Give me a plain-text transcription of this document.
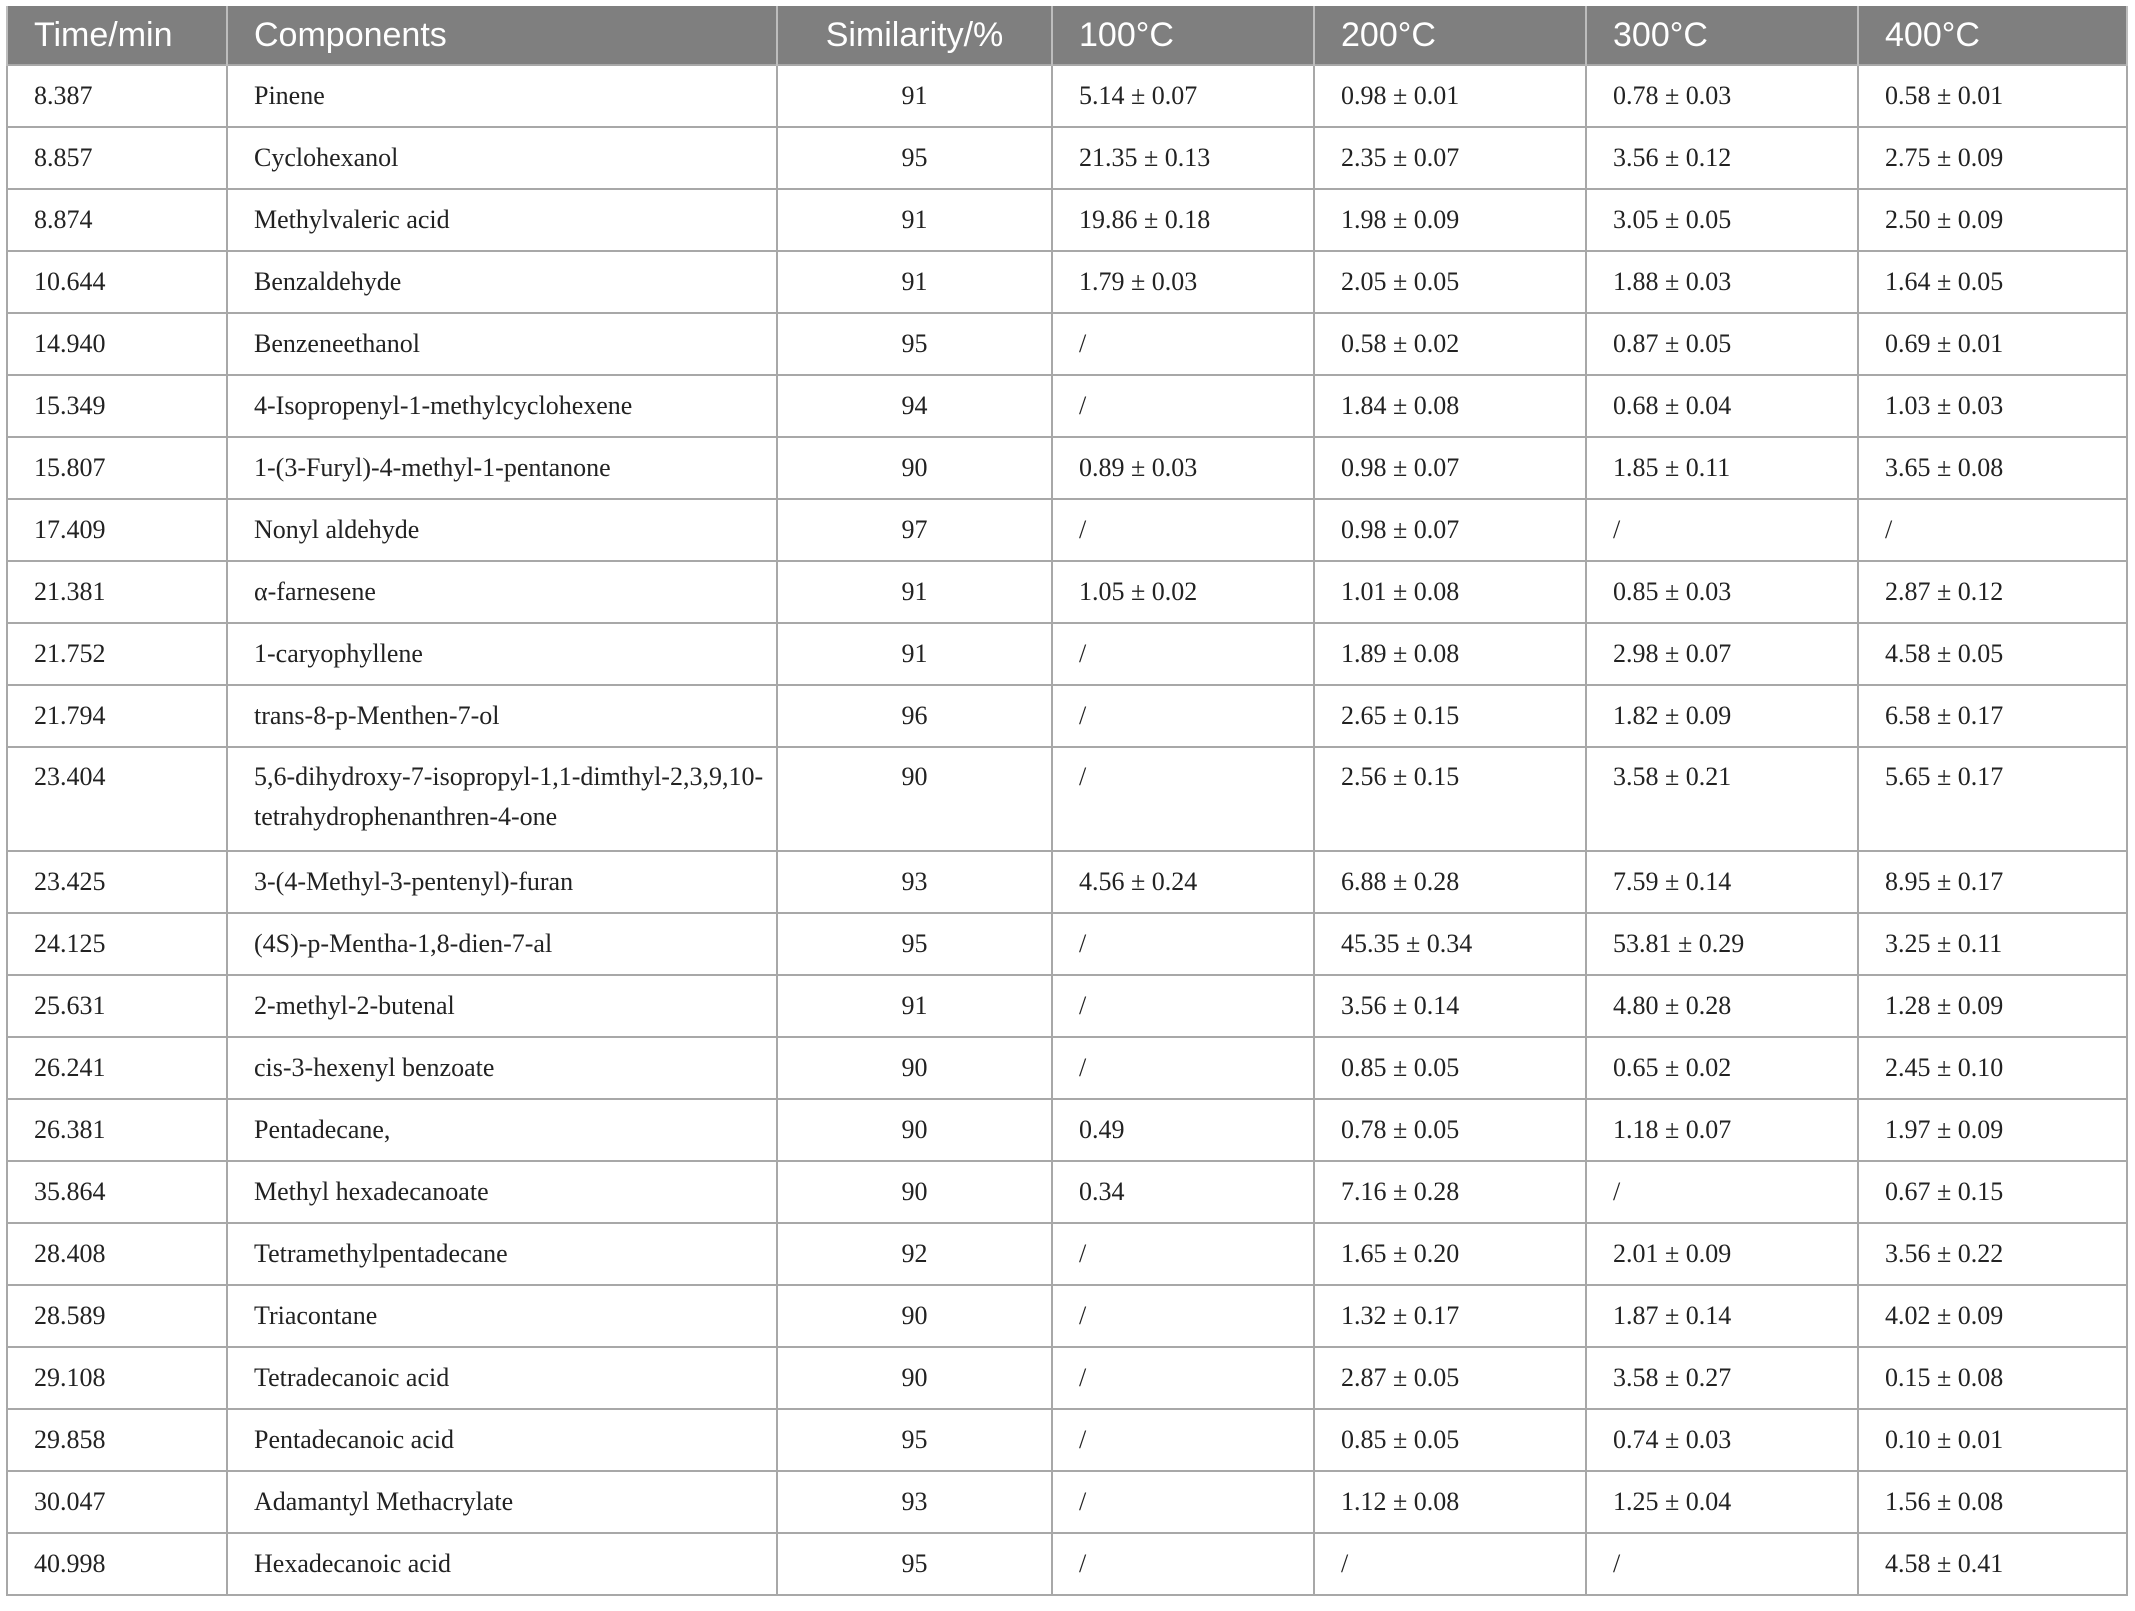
Time/min	Components	Similarity/%	100°C	200°C	300°C	400°C
8.387	Pinene	91	5.14 ± 0.07	0.98 ± 0.01	0.78 ± 0.03	0.58 ± 0.01
8.857	Cyclohexanol	95	21.35 ± 0.13	2.35 ± 0.07	3.56 ± 0.12	2.75 ± 0.09
8.874	Methylvaleric acid	91	19.86 ± 0.18	1.98 ± 0.09	3.05 ± 0.05	2.50 ± 0.09
10.644	Benzaldehyde	91	1.79 ± 0.03	2.05 ± 0.05	1.88 ± 0.03	1.64 ± 0.05
14.940	Benzeneethanol	95	/	0.58 ± 0.02	0.87 ± 0.05	0.69 ± 0.01
15.349	4-Isopropenyl-1-methylcyclohexene	94	/	1.84 ± 0.08	0.68 ± 0.04	1.03 ± 0.03
15.807	1-(3-Furyl)-4-methyl-1-pentanone	90	0.89 ± 0.03	0.98 ± 0.07	1.85 ± 0.11	3.65 ± 0.08
17.409	Nonyl aldehyde	97	/	0.98 ± 0.07	/	/
21.381	α-farnesene	91	1.05 ± 0.02	1.01 ± 0.08	0.85 ± 0.03	2.87 ± 0.12
21.752	1-caryophyllene	91	/	1.89 ± 0.08	2.98 ± 0.07	4.58 ± 0.05
21.794	trans-8-p-Menthen-7-ol	96	/	2.65 ± 0.15	1.82 ± 0.09	6.58 ± 0.17
23.404	5,6-dihydroxy-7-isopropyl-1,1-dimthyl-2,3,9,10-tetrahydrophenanthren-4-one	90	/	2.56 ± 0.15	3.58 ± 0.21	5.65 ± 0.17
23.425	3-(4-Methyl-3-pentenyl)-furan	93	4.56 ± 0.24	6.88 ± 0.28	7.59 ± 0.14	8.95 ± 0.17
24.125	(4S)-p-Mentha-1,8-dien-7-al	95	/	45.35 ± 0.34	53.81 ± 0.29	3.25 ± 0.11
25.631	2-methyl-2-butenal	91	/	3.56 ± 0.14	4.80 ± 0.28	1.28 ± 0.09
26.241	cis-3-hexenyl benzoate	90	/	0.85 ± 0.05	0.65 ± 0.02	2.45 ± 0.10
26.381	Pentadecane,	90	0.49	0.78 ± 0.05	1.18 ± 0.07	1.97 ± 0.09
35.864	Methyl hexadecanoate	90	0.34	7.16 ± 0.28	/	0.67 ± 0.15
28.408	Tetramethylpentadecane	92	/	1.65 ± 0.20	2.01 ± 0.09	3.56 ± 0.22
28.589	Triacontane	90	/	1.32 ± 0.17	1.87 ± 0.14	4.02 ± 0.09
29.108	Tetradecanoic acid	90	/	2.87 ± 0.05	3.58 ± 0.27	0.15 ± 0.08
29.858	Pentadecanoic acid	95	/	0.85 ± 0.05	0.74 ± 0.03	0.10 ± 0.01
30.047	Adamantyl Methacrylate	93	/	1.12 ± 0.08	1.25 ± 0.04	1.56 ± 0.08
40.998	Hexadecanoic acid	95	/	/	/	4.58 ± 0.41
